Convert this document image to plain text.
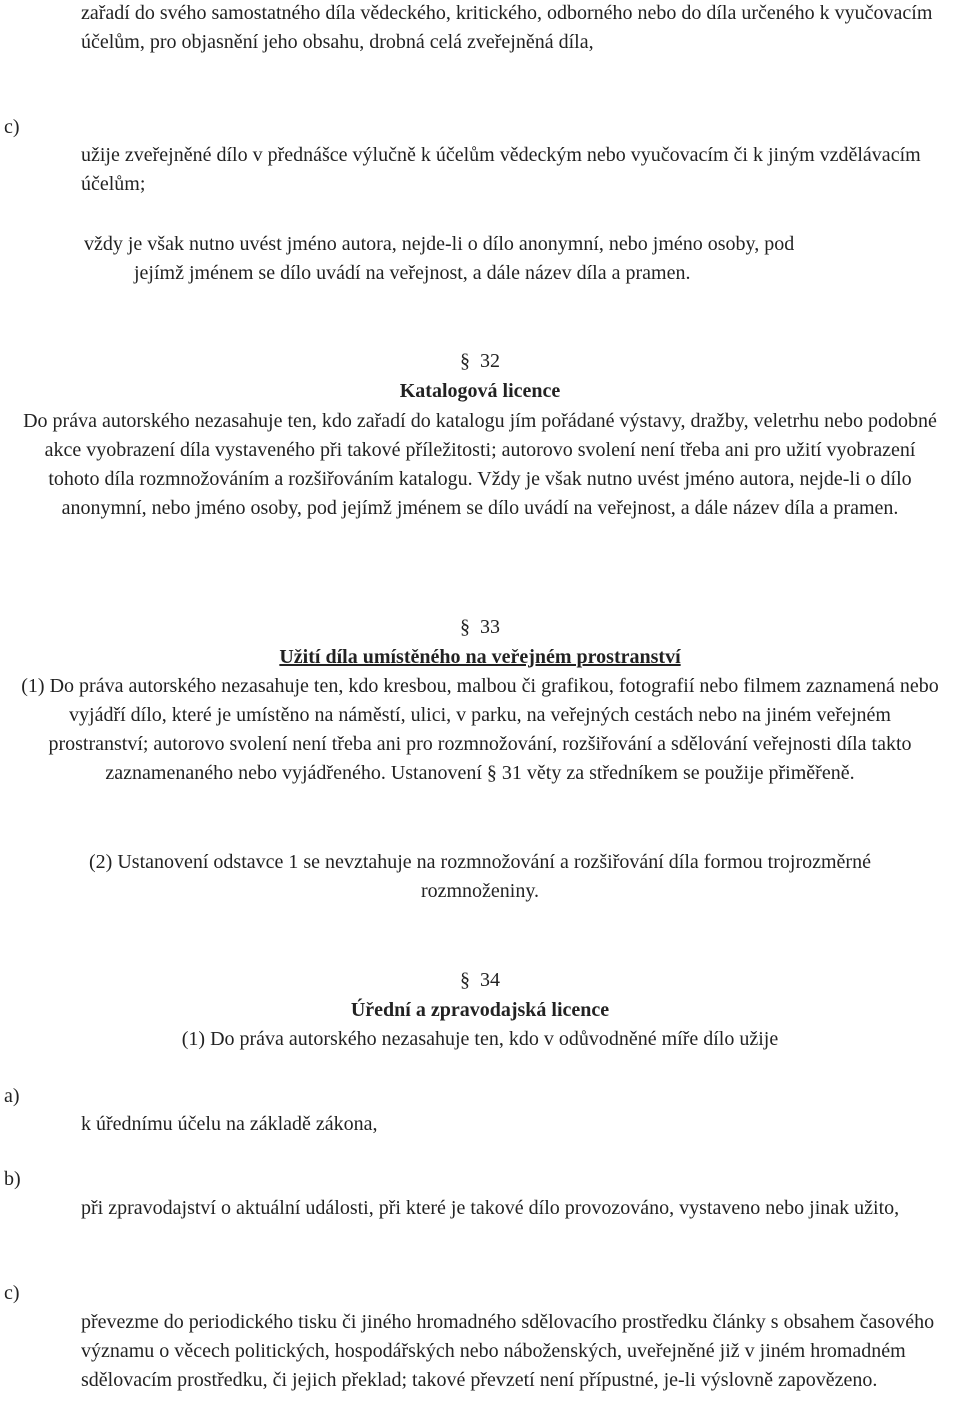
zařadí do svého samostatného díla vědeckého, kritického, odborného nebo do díla určeného k vyučovacím účelům, pro objasnění jeho obsahu, drobná celá zveřejněná díla,
c)
užije zveřejněné dílo v přednášce výlučně k účelům vědeckým nebo vyučovacím či k jiným vzdělávacím účelům;
vždy je však nutno uvést jméno autora, nejde-li o dílo anonymní, nebo jméno osoby, pod
jejímž jménem se dílo uvádí na veřejnost, a dále název díla a pramen.
§ 32
Katalogová licence
Do práva autorského nezasahuje ten, kdo zařadí do katalogu jím pořádané výstavy, dražby, veletrhu nebo podobné akce vyobrazení díla vystaveného při takové příležitosti; autorovo svolení není třeba ani pro užití vyobrazení tohoto díla rozmnožováním a rozšiřováním katalogu. Vždy je však nutno uvést jméno autora, nejde-li o dílo anonymní, nebo jméno osoby, pod jejímž jménem se dílo uvádí na veřejnost, a dále název díla a pramen.
§ 33
Užití díla umístěného na veřejném prostranství
(1) Do práva autorského nezasahuje ten, kdo kresbou, malbou či grafikou, fotografií nebo filmem zaznamená nebo vyjádří dílo, které je umístěno na náměstí, ulici, v parku, na veřejných cestách nebo na jiném veřejném prostranství; autorovo svolení není třeba ani pro rozmnožování, rozšiřování a sdělování veřejnosti díla takto zaznamenaného nebo vyjádřeného. Ustanovení § 31 věty za středníkem se použije přiměřeně.
(2) Ustanovení odstavce 1 se nevztahuje na rozmnožování a rozšiřování díla formou trojrozměrné rozmnoženiny.
§ 34
Úřední a zpravodajská licence
(1) Do práva autorského nezasahuje ten, kdo v odůvodněné míře dílo užije
a)
k úřednímu účelu na základě zákona,
b)
při zpravodajství o aktuální události, při které je takové dílo provozováno, vystaveno nebo jinak užito,
c)
převezme do periodického tisku či jiného hromadného sdělovacího prostředku články s obsahem časového významu o věcech politických, hospodářských nebo náboženských, uveřejněné již v jiném hromadném sdělovacím prostředku, či jejich překlad; takové převzetí není přípustné, je-li výslovně zapovězeno.
